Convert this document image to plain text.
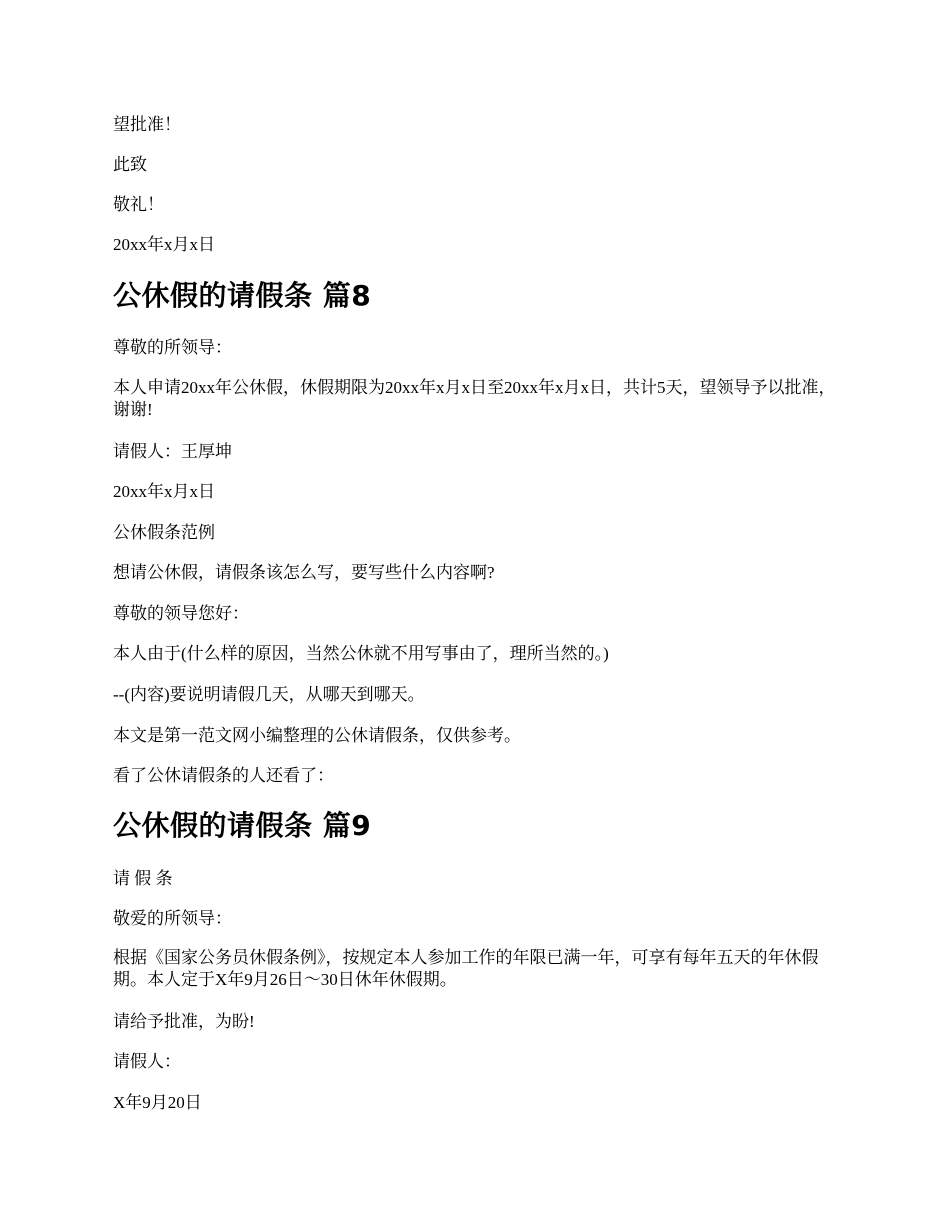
望批准！

此致

敬礼！

20xx年x月x日

公休假的请假条 篇8

尊敬的所领导：

本人申请20xx年公休假，休假期限为20xx年x月x日至20xx年x月x日，共计5天，望领导予以批准，谢谢!

请假人：王厚坤

20xx年x月x日

公休假条范例

想请公休假，请假条该怎么写，要写些什么内容啊?

尊敬的领导您好：

本人由于(什么样的原因，当然公休就不用写事由了，理所当然的。)

--(内容)要说明请假几天，从哪天到哪天。

本文是第一范文网小编整理的公休请假条，仅供参考。

看了公休请假条的人还看了：

公休假的请假条 篇9

请 假 条

敬爱的所领导：

根据《国家公务员休假条例》，按规定本人参加工作的年限已满一年，可享有每年五天的年休假期。本人定于X年9月26日～30日休年休假期。

请给予批准，为盼!

请假人：

X年9月20日
